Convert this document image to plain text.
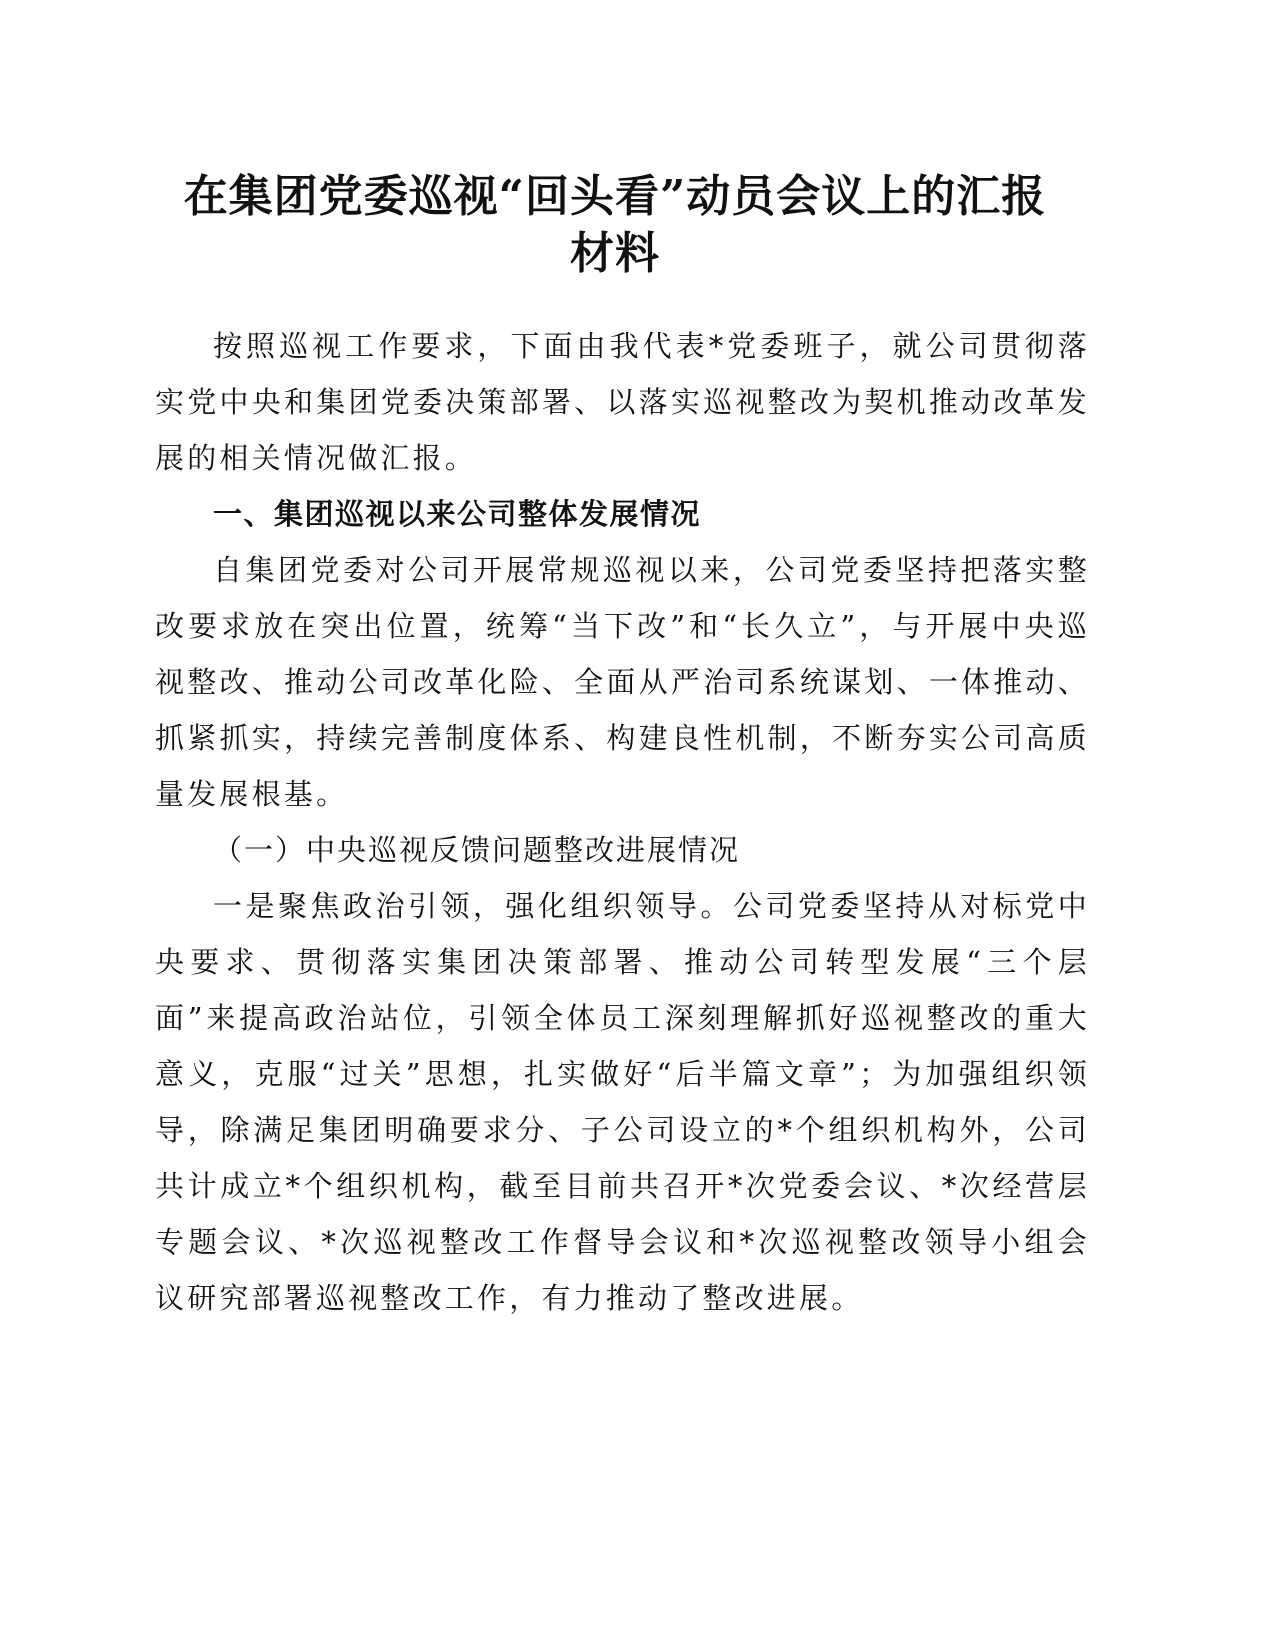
在集团党委巡视“回头看”动员会议上的汇报
材料

按照巡视工作要求，下面由我代表*党委班子，就公司贯彻落实党中央和集团党委决策部署、以落实巡视整改为契机推动改革发展的相关情况做汇报。

一、集团巡视以来公司整体发展情况

自集团党委对公司开展常规巡视以来，公司党委坚持把落实整改要求放在突出位置，统筹“当下改”和“长久立”，与开展中央巡视整改、推动公司改革化险、全面从严治司系统谋划、一体推动、抓紧抓实，持续完善制度体系、构建良性机制，不断夯实公司高质量发展根基。

（一）中央巡视反馈问题整改进展情况

一是聚焦政治引领，强化组织领导。公司党委坚持从对标党中央要求、贯彻落实集团决策部署、推动公司转型发展“三个层面”来提高政治站位，引领全体员工深刻理解抓好巡视整改的重大意义，克服“过关”思想，扎实做好“后半篇文章”；为加强组织领导，除满足集团明确要求分、子公司设立的*个组织机构外，公司共计成立*个组织机构，截至目前共召开*次党委会议、*次经营层专题会议、*次巡视整改工作督导会议和*次巡视整改领导小组会议研究部署巡视整改工作，有力推动了整改进展。
